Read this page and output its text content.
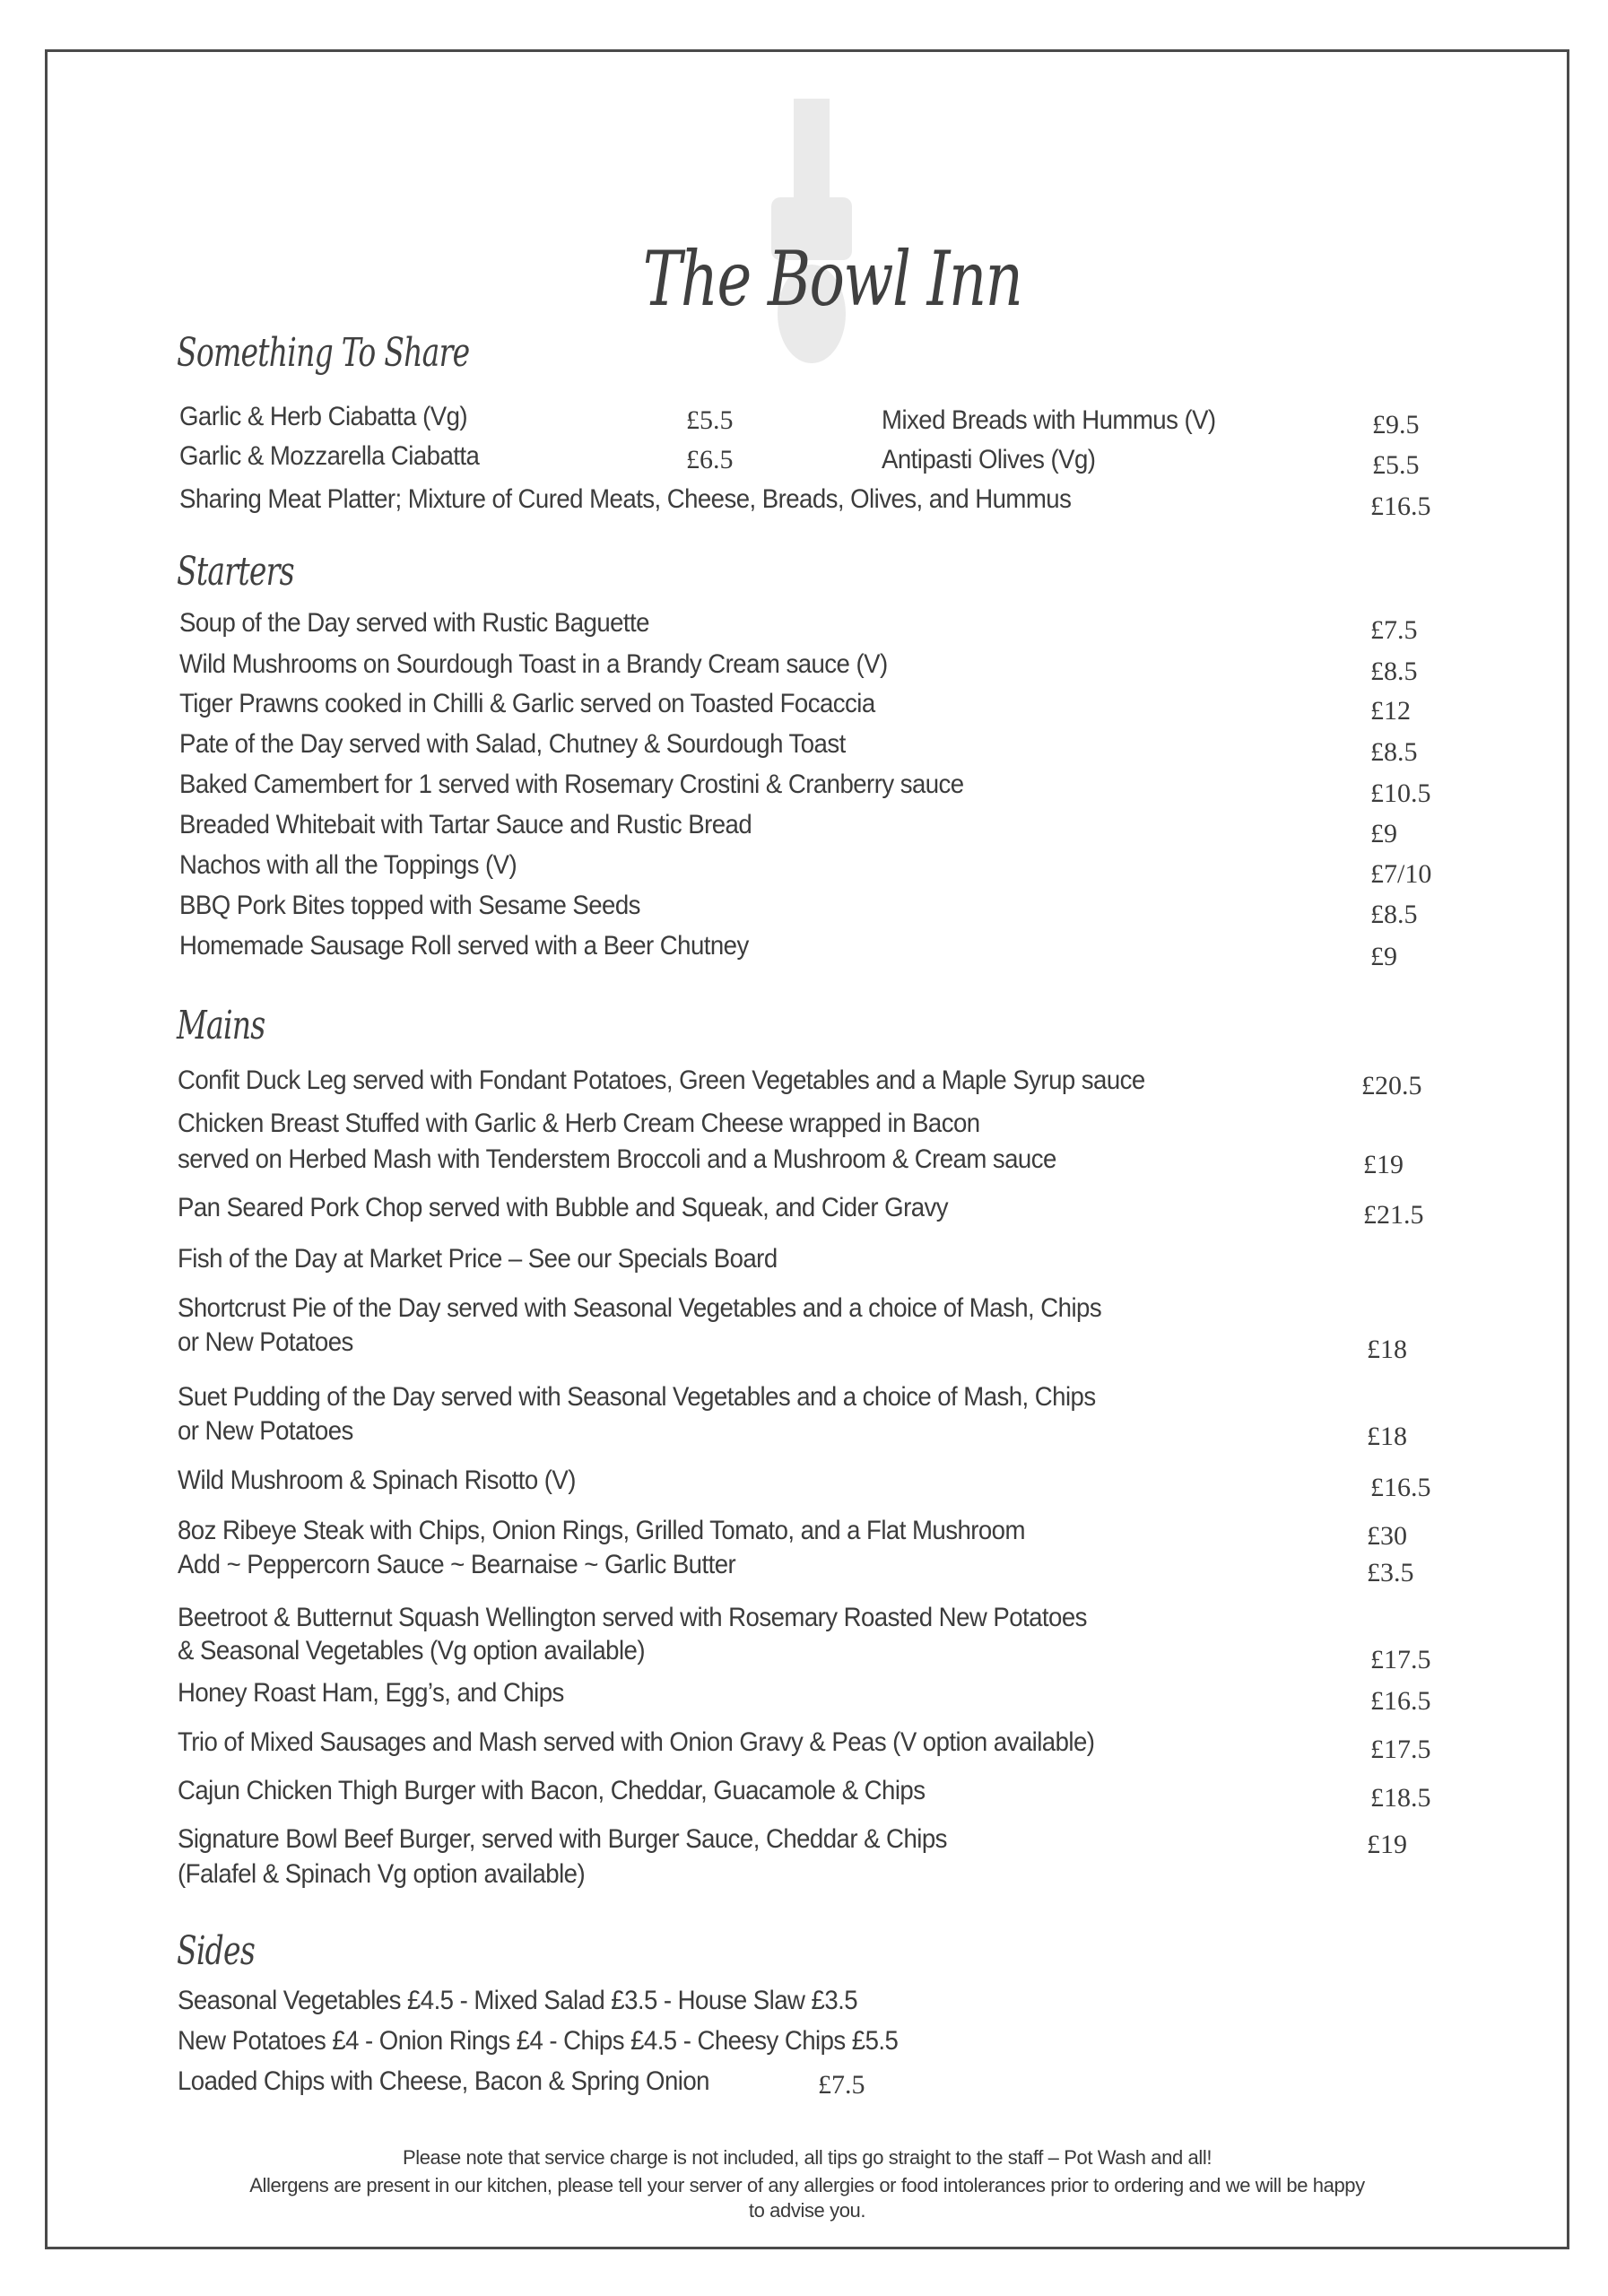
The Bowl Inn
Something To Share
Garlic & Herb Ciabatta (Vg)	£5.5	Mixed Breads with Hummus (V)	£9.5
Garlic & Mozzarella Ciabatta	£6.5	Antipasti Olives (Vg)	£5.5
Sharing Meat Platter; Mixture of Cured Meats, Cheese, Breads, Olives, and Hummus	£16.5
Starters
Soup of the Day served with Rustic Baguette	£7.5
Wild Mushrooms on Sourdough Toast in a Brandy Cream sauce (V)	£8.5
Tiger Prawns cooked in Chilli & Garlic served on Toasted Focaccia	£12
Pate of the Day served with Salad, Chutney & Sourdough Toast	£8.5
Baked Camembert for 1 served with Rosemary Crostini & Cranberry sauce	£10.5
Breaded Whitebait with Tartar Sauce and Rustic Bread	£9
Nachos with all the Toppings (V)	£7/10
BBQ Pork Bites topped with Sesame Seeds	£8.5
Homemade Sausage Roll served with a Beer Chutney	£9
Mains
Confit Duck Leg served with Fondant Potatoes, Green Vegetables and a Maple Syrup sauce	£20.5
Chicken Breast Stuffed with Garlic & Herb Cream Cheese wrapped in Bacon
served on Herbed Mash with Tenderstem Broccoli and a Mushroom & Cream sauce	£19
Pan Seared Pork Chop served with Bubble and Squeak, and Cider Gravy	£21.5
Fish of the Day at Market Price – See our Specials Board
Shortcrust Pie of the Day served with Seasonal Vegetables and a choice of Mash, Chips
or New Potatoes	£18
Suet Pudding of the Day served with Seasonal Vegetables and a choice of Mash, Chips
or New Potatoes	£18
Wild Mushroom & Spinach Risotto (V)	£16.5
8oz Ribeye Steak with Chips, Onion Rings, Grilled Tomato, and a Flat Mushroom	£30
Add ~ Peppercorn Sauce ~ Bearnaise ~ Garlic Butter	£3.5
Beetroot & Butternut Squash Wellington served with Rosemary Roasted New Potatoes
& Seasonal Vegetables (Vg option available)	£17.5
Honey Roast Ham, Egg’s, and Chips	£16.5
Trio of Mixed Sausages and Mash served with Onion Gravy & Peas (V option available)	£17.5
Cajun Chicken Thigh Burger with Bacon, Cheddar, Guacamole & Chips	£18.5
Signature Bowl Beef Burger, served with Burger Sauce, Cheddar & Chips	£19
(Falafel & Spinach Vg option available)
Sides
Seasonal Vegetables £4.5 - Mixed Salad £3.5 - House Slaw £3.5
New Potatoes £4 - Onion Rings £4 - Chips £4.5 - Cheesy Chips £5.5
Loaded Chips with Cheese, Bacon & Spring Onion	£7.5
Please note that service charge is not included, all tips go straight to the staff – Pot Wash and all!
Allergens are present in our kitchen, please tell your server of any allergies or food intolerances prior to ordering and we will be happy
to advise you.
